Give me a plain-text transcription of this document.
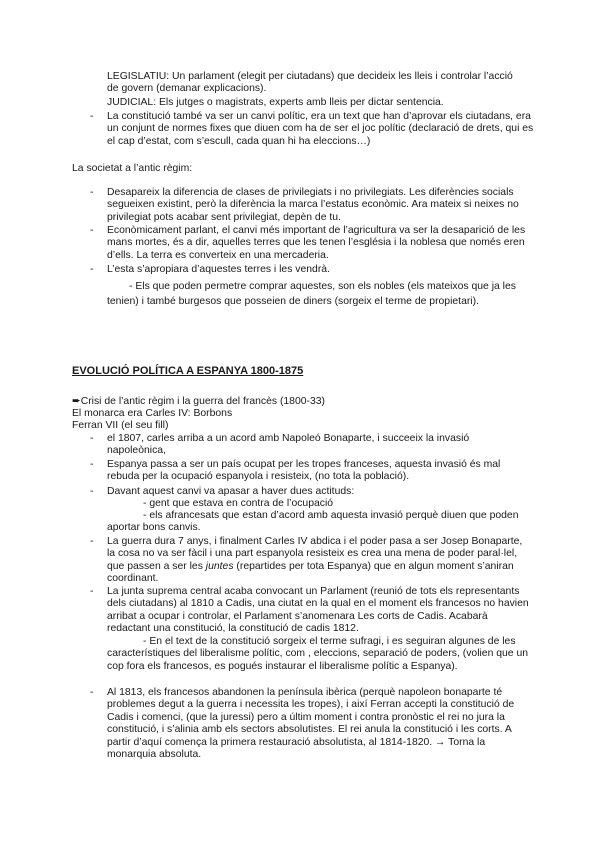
LEGISLATIU: Un parlament (elegit per ciutadans) que decideix les lleis i controlar l’acció de govern (demanar explicacions).

JUDICIAL: Els jutges o magistrats, experts amb lleis per dictar sentencia.

- La constitució també va ser un canvi polític, era un text que han d’aprovar els ciutadans, era un conjunt de normes fixes que diuen com ha de ser el joc polític (declaració de drets, qui es el cap d’estat, com s’escull, cada quan hi ha eleccions…)

La societat a l’antic règim:

- Desapareix la diferencia de clases de privilegiats i no privilegiats. Les diferències socials segueixen existint, però la diferència la marca l’estatus econòmic. Ara mateix si neixes no privilegiat pots acabar sent privilegiat, depèn de tu.

- Econòmicament parlant, el canvi més important de l’agricultura va ser la desaparició de les mans mortes, és a dir, aquelles terres que les tenen l’església i la noblesa que només eren d’ells. La terra es converteix en una mercaderia.

- L’esta s’apropiara d’aquestes terres i les vendrà.

- Els que poden permetre comprar aquestes, son els nobles (els mateixos que ja les tenien) i també burgesos que posseien de diners (sorgeix el terme de propietari).

EVOLUCIÓ POLÍTICA A ESPANYA 1800-1875

➨Crisi de l’antic règim i la guerra del francès (1800-33)

El monarca era Carles IV: Borbons

Ferran VII (el seu fill)

- el 1807, carles arriba a un acord amb Napoleó Bonaparte, i succeeix la invasió napoleònica,

- Espanya passa a ser un país ocupat per les tropes franceses, aquesta invasió és mal rebuda per la ocupació espanyola i resisteix, (no tota la població).

- Davant aquest canvi va apasar a haver dues actituds:

- gent que estava en contra de l’ocupació

- els afrancesats que estan d’acord amb aquesta invasió perquè diuen que poden aportar bons canvis.

- La guerra dura 7 anys, i finalment Carles IV abdica i el poder pasa a ser Josep Bonaparte, la cosa no va ser fàcil i una part espanyola resisteix es crea una mena de poder paral·lel, que passen a ser les juntes (repartides per tota Espanya) que en algun moment s’aniran coordinant.

- La junta suprema central acaba convocant un Parlament (reunió de tots els representants dels ciutadans) al 1810 a Cadis, una ciutat en la qual en el moment els francesos no havien arribat a ocupar i controlar, el Parlament s’anomenara Les corts de Cadis. Acabarà redactant una constitució, la constitució de cadis 1812.

- En el text de la constitució sorgeix el terme sufragi, i es seguiran algunes de les característiques del liberalisme polític, com , eleccions, separació de poders, (volien que un cop fora els francesos, es pogués instaurar el liberalisme polític a Espanya).

- Al 1813, els francesos abandonen la península ibèrica (perquè napoleon bonaparte té problemes degut a la guerra i necessita les tropes), i així Ferran accepti la constitució de Cadis i comenci, (que la juressi) pero a últim moment i contra pronòstic el rei no jura la constitució, i s’alinia amb els sectors absolutistes. El rei anula la constitució i les corts. A partir d’aquí comença la primera restauració absolutista, al 1814-1820. → Torna la monarquia absoluta.
